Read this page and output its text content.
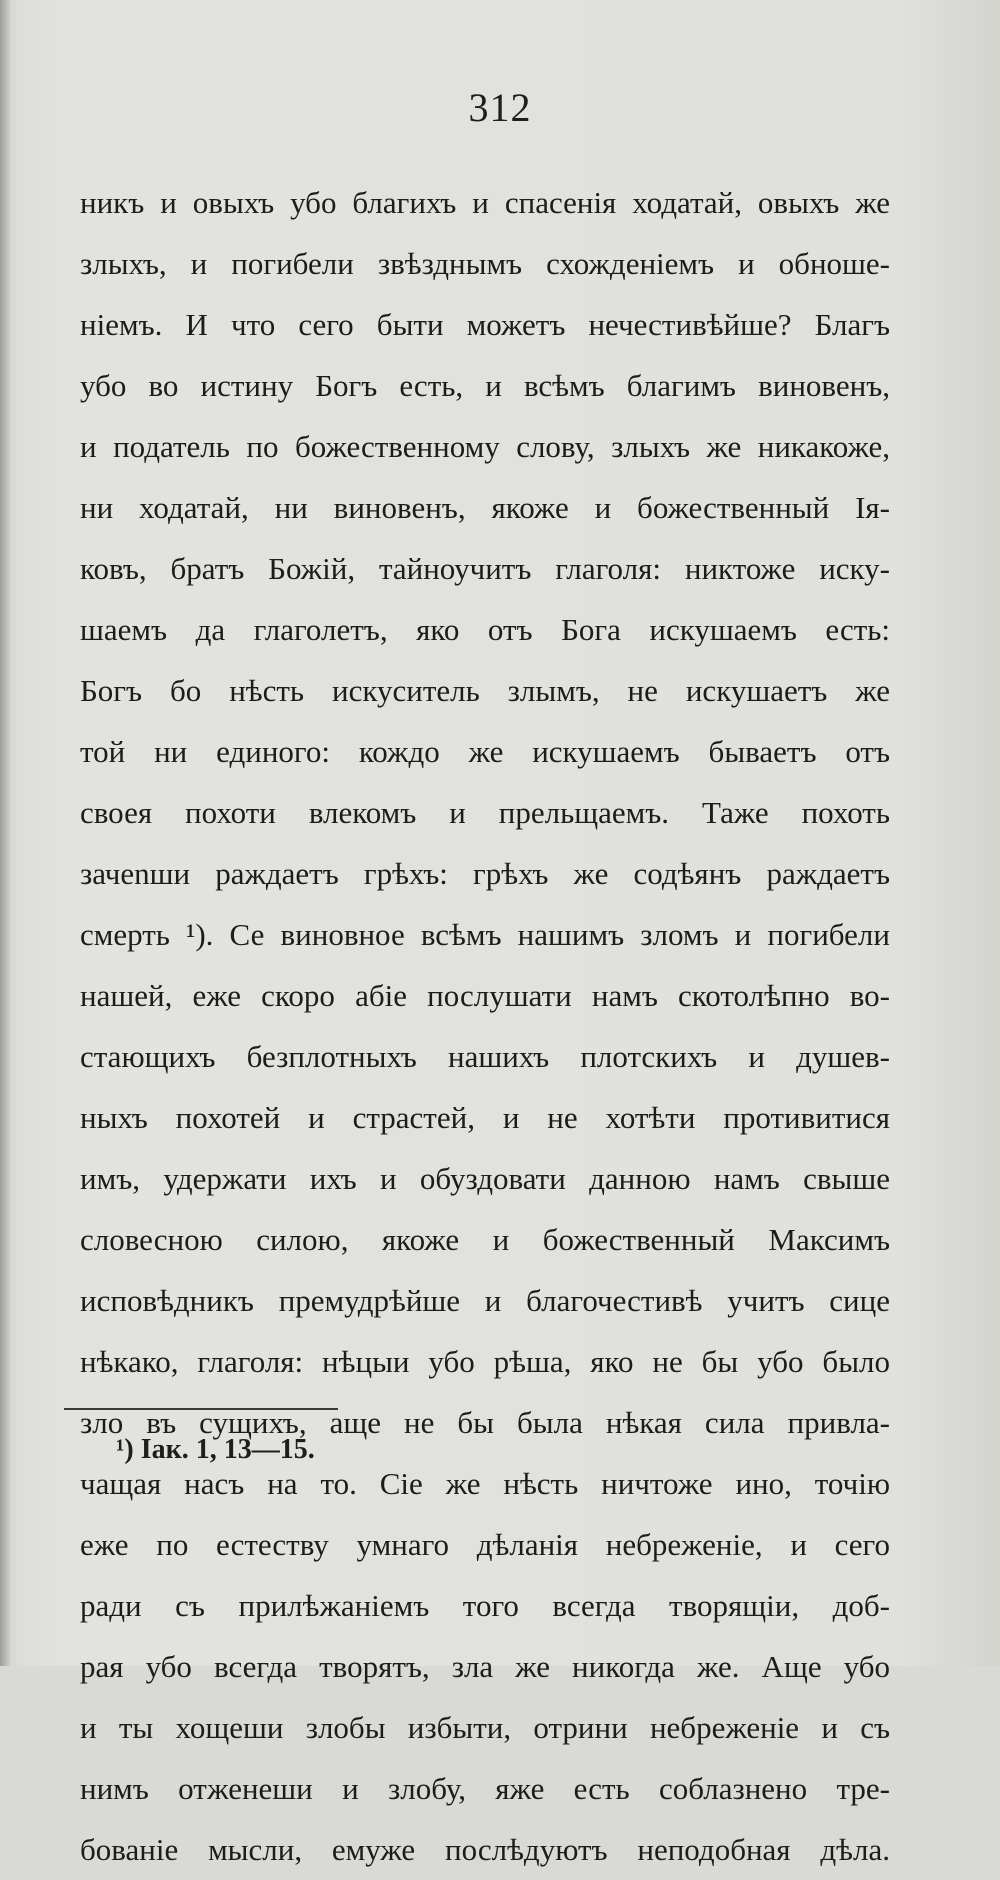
312
никъ и овыхъ убо благихъ и спасенія ходатай, овыхъ же
злыхъ, и погибели звѣзднымъ схожденіемъ и обноше-
ніемъ. И что сего быти можетъ нечестивѣйше? Благъ
убо во истину Богъ есть, и всѣмъ благимъ виновенъ,
и податель по божественному слову, злыхъ же никакоже,
ни ходатай, ни виновенъ, якоже и божественный Ія-
ковъ, братъ Божій, тайноучитъ глаголя: никтоже иску-
шаемъ да глаголетъ, яко отъ Бога искушаемъ есть:
Богъ бо нѣсть искуситель злымъ, не искушаетъ же
той ни единого: кождо же искушаемъ бываетъ отъ
своея похоти влекомъ и прельщаемъ. Таже похоть
зачеnши раждаетъ грѣхъ: грѣхъ же содѣянъ раждаетъ
смерть ¹). Се виновное всѣмъ нашимъ зломъ и погибели
нашей, еже скоро абіе послушати намъ скотолѣпно во-
стающихъ безплотныхъ нашихъ плотскихъ и душев-
ныхъ похотей и страстей, и не хотѣти противитися
имъ, удержати ихъ и обуздовати данною намъ свыше
словесною силою, якоже и божественный Максимъ
исповѣдникъ премудрѣйше и благочестивѣ учитъ сице
нѣкако, глаголя: нѣцыи убо рѣша, яко не бы убо было
зло въ сущихъ, аще не бы была нѣкая сила привла-
чащая насъ на то. Сіе же нѣсть ничтоже ино, точію
еже по естеству умнаго дѣланія небреженіе, и сего
ради съ прилѣжаніемъ того всегда творящіи, доб-
рая убо всегда творятъ, зла же никогда же. Аще убо
и ты хощеши злобы избыти, отрини небреженіе и съ
нимъ отженеши и злобу, яже есть соблазнено тре-
бованіе мысли, емуже послѣдуютъ неподобная дѣла.
¹) Іак. 1, 13—15.
